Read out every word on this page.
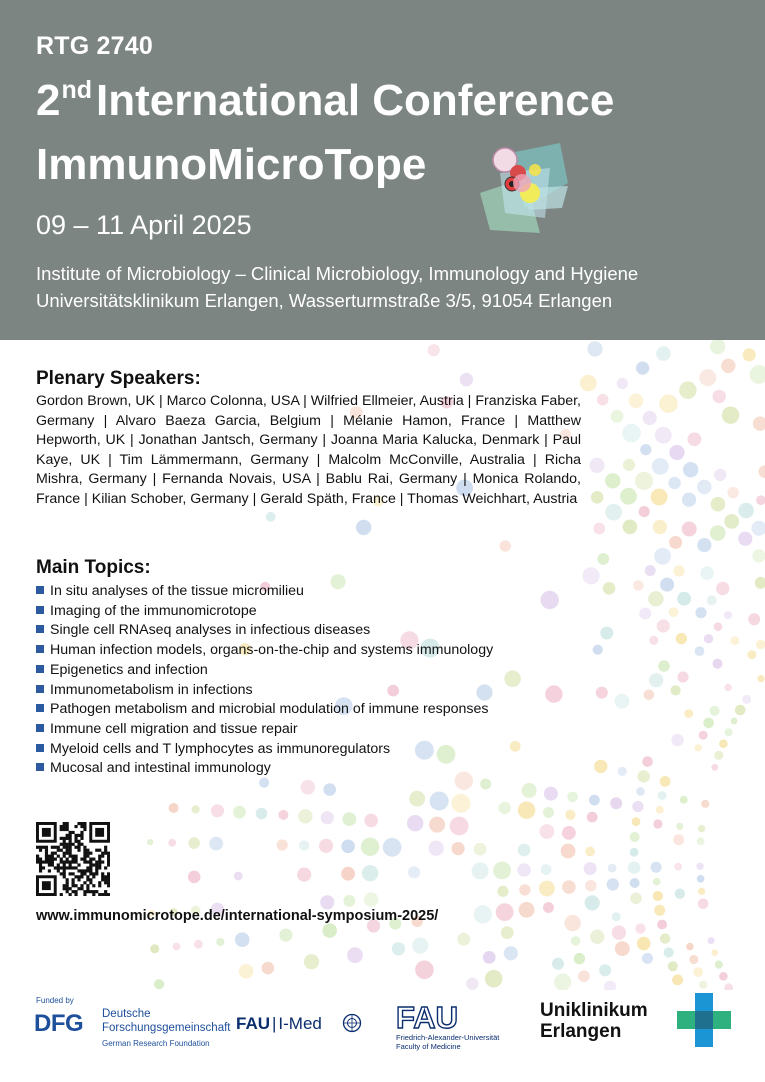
RTG 2740
2ndInternational Conference
ImmunoMicroTope
09 – 11 April 2025
Institute of Microbiology – Clinical Microbiology, Immunology and Hygiene
Universitätsklinikum Erlangen, Wasserturmstraße 3/5, 91054 Erlangen
Plenary Speakers:
Gordon Brown, UK | Marco Colonna, USA | Wilfried Ellmeier, Austria | Franziska Faber, Germany | Alvaro Baeza Garcia, Belgium | Mélanie Hamon, France | Matthew Hepworth, UK | Jonathan Jantsch, Germany | Joanna Maria Kalucka, Denmark | Paul Kaye, UK | Tim Lämmermann, Germany | Malcolm McConville, Australia | Richa Mishra, Germany | Fernanda Novais, USA | Bablu Rai, Germany | Monica Rolando, France | Kilian Schober, Germany | Gerald Späth, France | Thomas Weichhart, Austria
Main Topics:
In situ analyses of the tissue micromilieu
Imaging of the immunomicrotope
Single cell RNAseq analyses in infectious diseases
Human infection models, organs-on-the-chip and systems immunology
Epigenetics and infection
Immunometabolism in infections
Pathogen metabolism and microbial modulation of immune responses
Immune cell migration and tissue repair
Myeloid cells and T lymphocytes as immunoregulators
Mucosal and intestinal immunology
www.immunomicrotope.de/international-symposium-2025/
Funded by
DFG Deutsche
Forschungsgemeinschaft
German Research Foundation
FAU | I-Med FAU
Friedrich-Alexander-Universität
Faculty of Medicine
Uniklinikum
Erlangen
